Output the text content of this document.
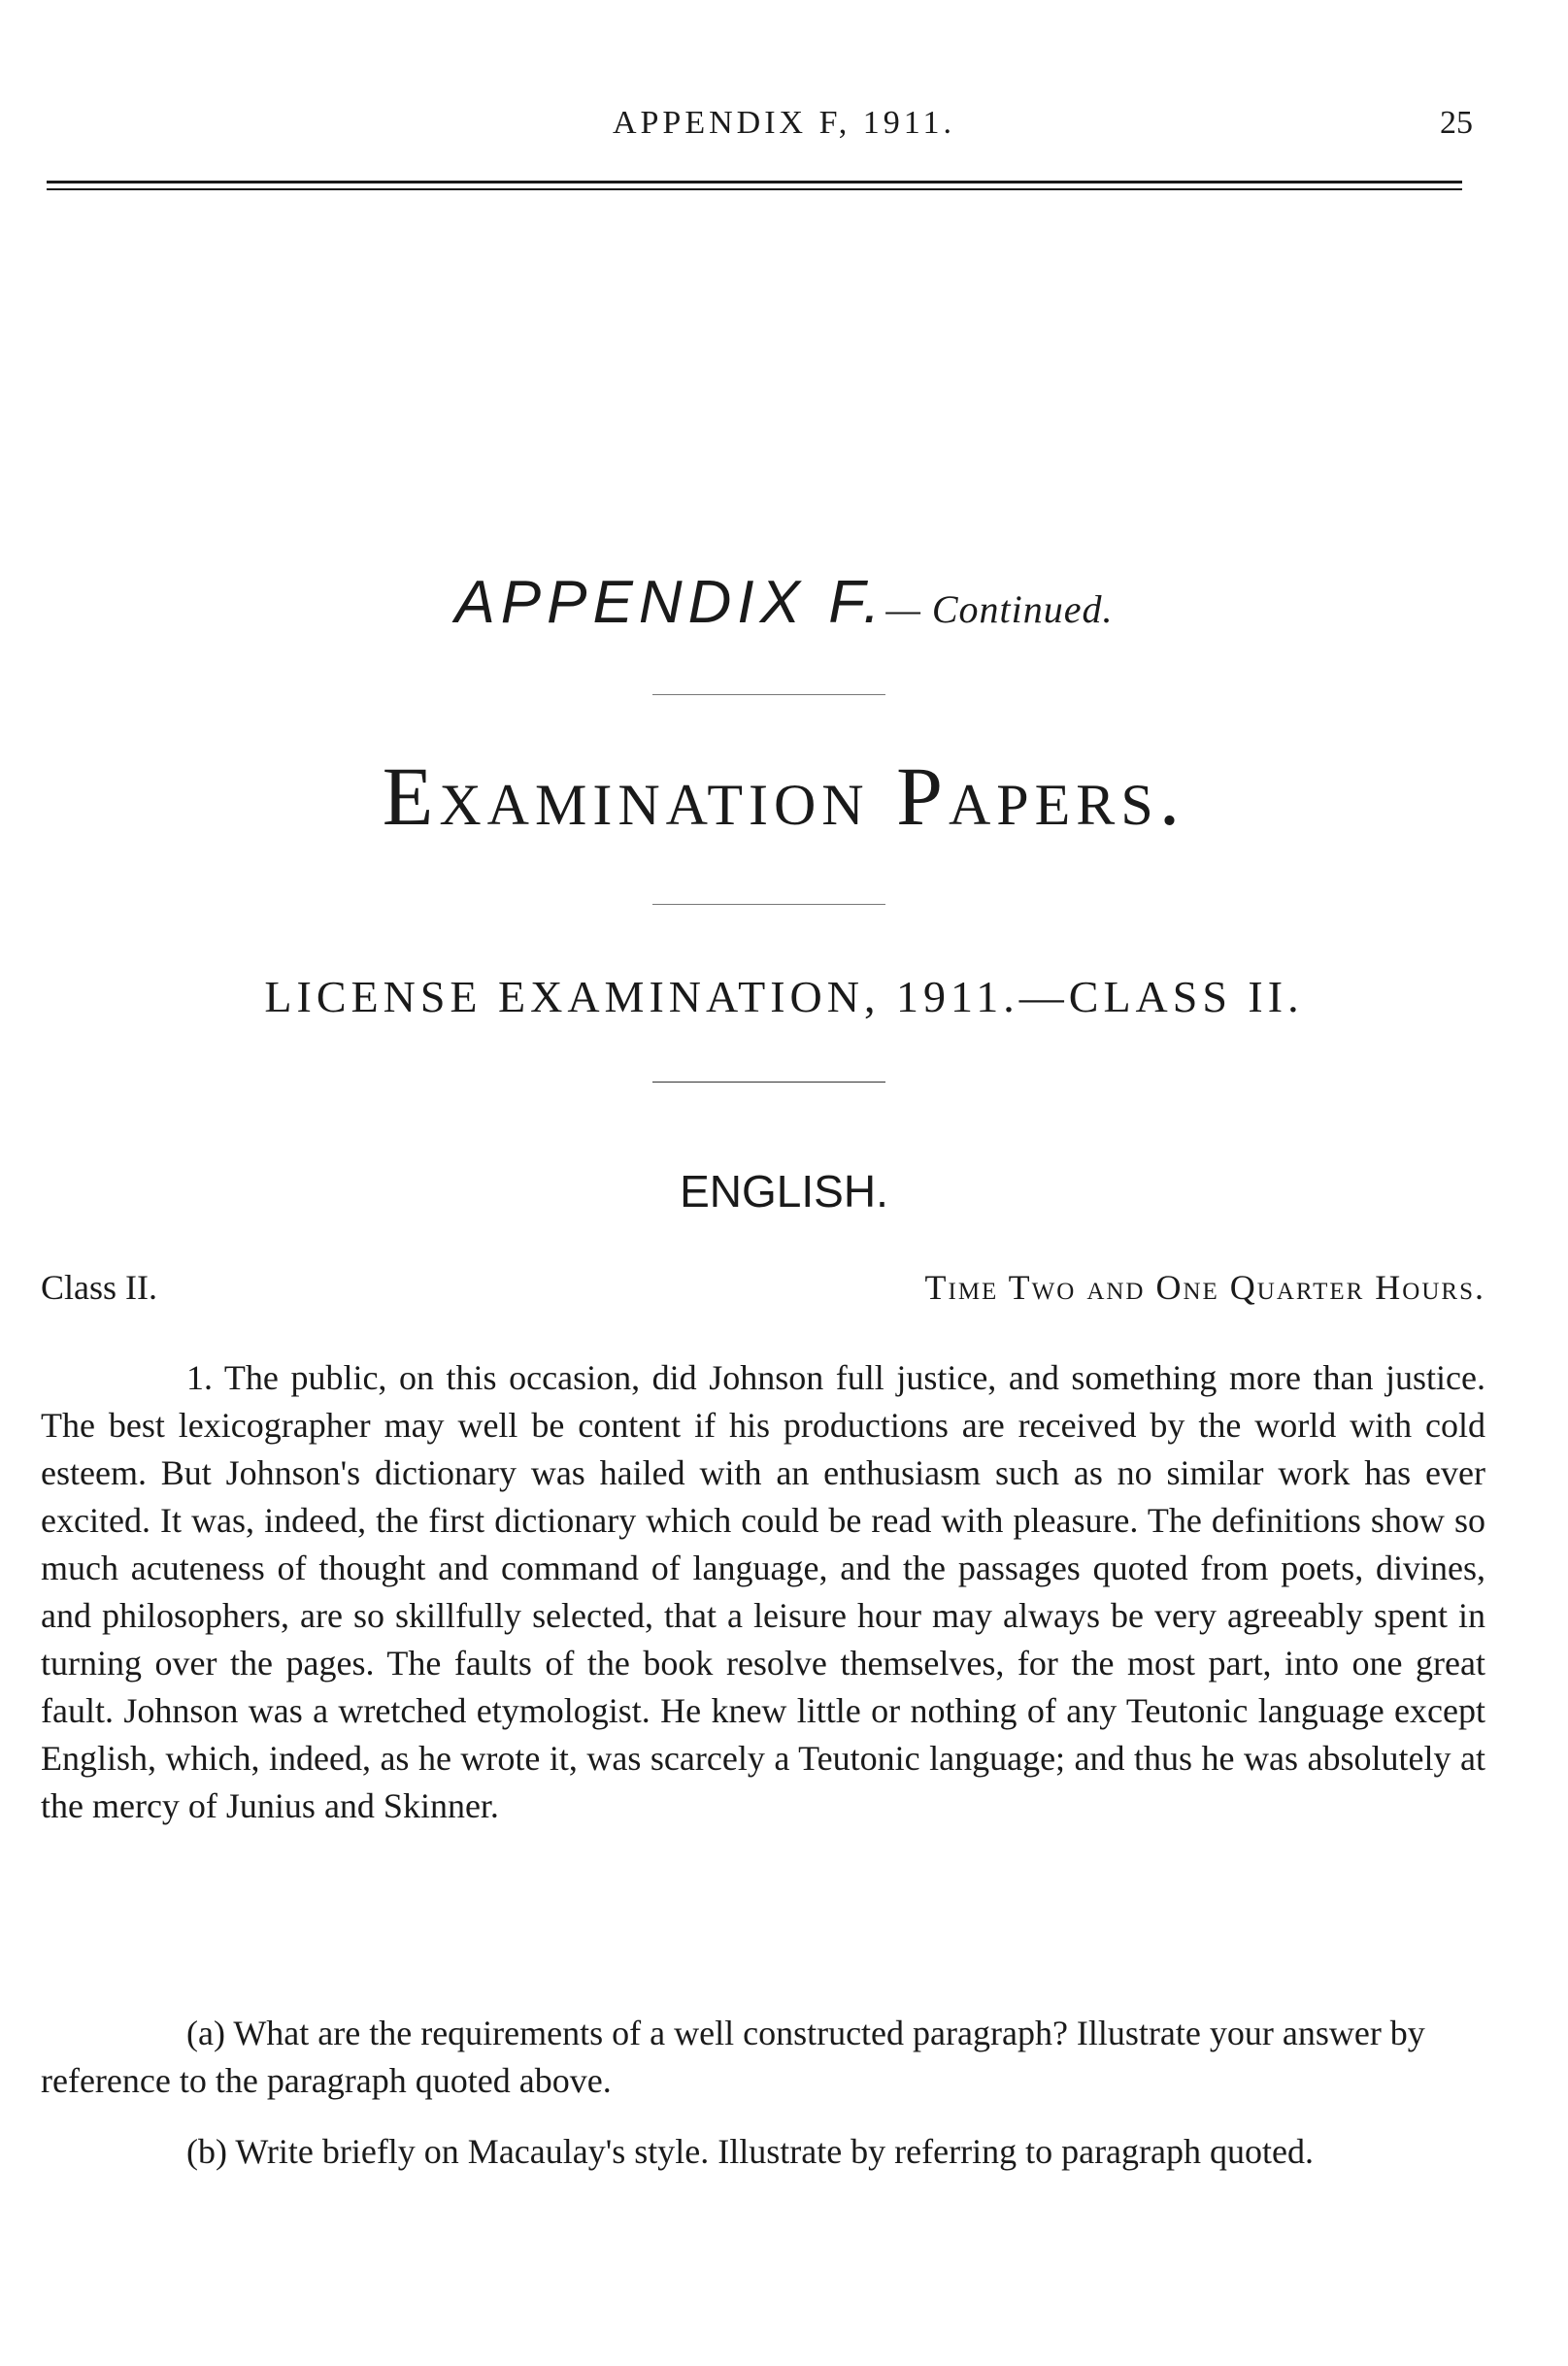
APPENDIX F, 1911.	25
APPENDIX F.— Continued.
Examination Papers.
LICENSE EXAMINATION, 1911.—CLASS II.
ENGLISH.
Class II.	Time Two and One Quarter Hours.

1. The public, on this occasion, did Johnson full justice, and something more than justice. The best lexicographer may well be content if his productions are received by the world with cold esteem. But Johnson's dictionary was hailed with an enthusiasm such as no similar work has ever excited. It was, indeed, the first dictionary which could be read with pleasure. The definitions show so much acuteness of thought and command of language, and the passages quoted from poets, divines, and philosophers, are so skillfully selected, that a leisure hour may always be very agreeably spent in turning over the pages. The faults of the book resolve themselves, for the most part, into one great fault. Johnson was a wretched etymologist. He knew little or nothing of any Teutonic language except English, which, indeed, as he wrote it, was scarcely a Teutonic language; and thus he was absolutely at the mercy of Junius and Skinner.

(a) What are the requirements of a well constructed paragraph? Illustrate your answer by reference to the paragraph quoted above.

(b) Write briefly on Macaulay's style. Illustrate by referring to paragraph quoted.
